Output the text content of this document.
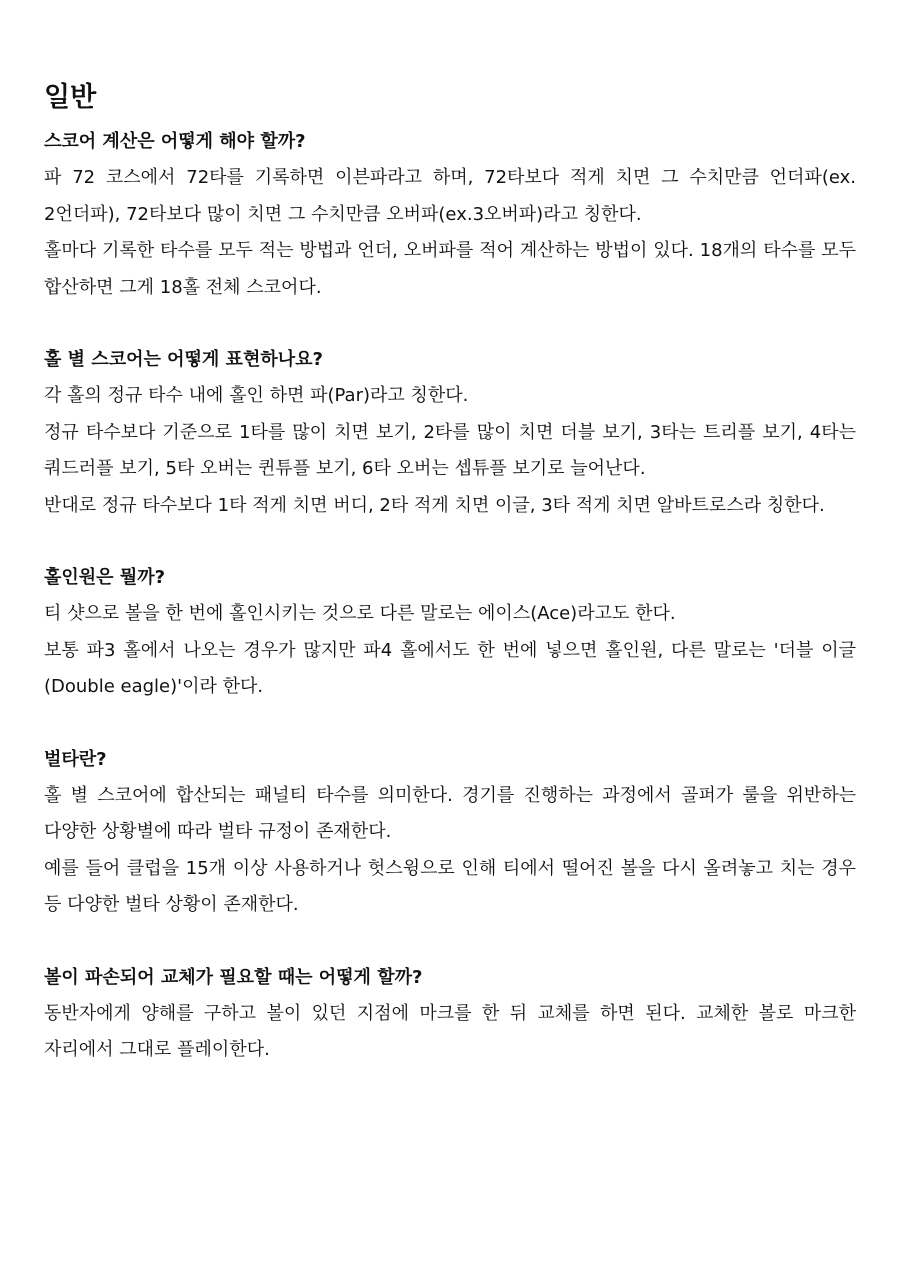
일반
스코어 계산은 어떻게 해야 할까?

파 72 코스에서 72타를 기록하면 이븐파라고 하며, 72타보다 적게 치면 그 수치만큼 언더파(ex. 2언더파), 72타보다 많이 치면 그 수치만큼 오버파(ex.3오버파)라고 칭한다.

홀마다 기록한 타수를 모두 적는 방법과 언더, 오버파를 적어 계산하는 방법이 있다. 18개의 타수를 모두 합산하면 그게 18홀 전체 스코어다.

홀 별 스코어는 어떻게 표현하나요?

각 홀의 정규 타수 내에 홀인 하면 파(Par)라고 칭한다.

정규 타수보다 기준으로 1타를 많이 치면 보기, 2타를 많이 치면 더블 보기, 3타는 트리플 보기, 4타는 쿼드러플 보기, 5타 오버는 퀸튜플 보기, 6타 오버는 셉튜플 보기로 늘어난다.

반대로 정규 타수보다 1타 적게 치면 버디, 2타 적게 치면 이글, 3타 적게 치면 알바트로스라 칭한다.

홀인원은 뭘까?

티 샷으로 볼을 한 번에 홀인시키는 것으로 다른 말로는 에이스(Ace)라고도 한다.

보통 파3 홀에서 나오는 경우가 많지만 파4 홀에서도 한 번에 넣으면 홀인원, 다른 말로는 '더블 이글(Double eagle)'이라 한다.

벌타란?

홀 별 스코어에 합산되는 패널티 타수를 의미한다. 경기를 진행하는 과정에서 골퍼가 룰을 위반하는 다양한 상황별에 따라 벌타 규정이 존재한다.

예를 들어 클럽을 15개 이상 사용하거나 헛스윙으로 인해 티에서 떨어진 볼을 다시 올려놓고 치는 경우 등 다양한 벌타 상황이 존재한다.

볼이 파손되어 교체가 필요할 때는 어떻게 할까?

동반자에게 양해를 구하고 볼이 있던 지점에 마크를 한 뒤 교체를 하면 된다. 교체한 볼로 마크한 자리에서 그대로 플레이한다.
